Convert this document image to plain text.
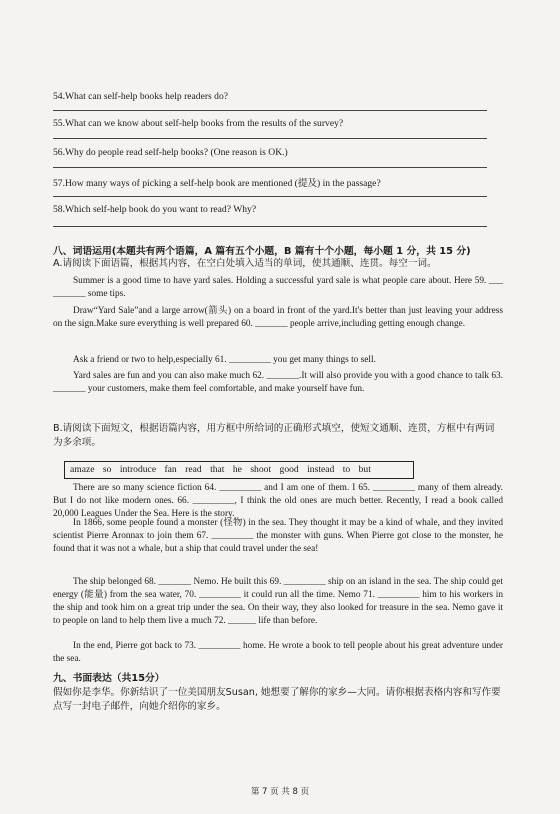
54.What can self-help books help readers do?
55.What can we know about self-help books from the results of the survey?
56.Why do people read self-help books? (One reason is OK.)
57.How many ways of picking a self-help book are mentioned (提及) in the passage?
58.Which self-help book do you want to read? Why?
八、词语运用(本题共有两个语篇，A 篇有五个小题，B 篇有十个小题，每小题 1 分，共 15 分)
A.请阅读下面语篇，根据其内容，在空白处填入适当的单词，使其通顺、连贯。每空一词。
Summer is a good time to have yard sales. Holding a successful yard sale is what people care about. Here 59. ___ _______ some tips.
Draw“Yard Sale”and a large arrow(箭头) on a board in front of the yard.It's better than just leaving your address on the sign.Make sure everything is well prepared 60. _______ people arrive,including getting enough change.
Ask a friend or two to help,especially 61. _________ you get many things to sell.
Yard sales are fun and you can also make much 62. _______.It will also provide you with a good chance to talk 63. _______ your customers, make them feel comfortable, and make yourself have fun.
B.请阅读下面短文，根据语篇内容，用方框中所给词的正确形式填空，使短文通顺、连贯，方框中有两词为多余项。
amaze so introduce fan read that he shoot good instead to but
There are so many science fiction 64. _________ and I am one of them. I 65. _________ many of them already. But I do not like modern ones. 66. _________, I think the old ones are much better. Recently, I read a book called 20,000 Leagues Under the Sea. Here is the story.
In 1866, some people found a monster (怪物) in the sea. They thought it may be a kind of whale, and they invited scientist Pierre Aronnax to join them 67. _________ the monster with guns. When Pierre got close to the monster, he found that it was not a whale, but a ship that could travel under the sea!
The ship belonged 68. _______ Nemo. He built this 69. _________ ship on an island in the sea. The ship could get energy (能量) from the sea water, 70. _________ it could run all the time. Nemo 71. _________ him to his workers in the ship and took him on a great trip under the sea. On their way, they also looked for treasure in the sea. Nemo gave it to people on land to help them live a much 72. ______ life than before.
In the end, Pierre got back to 73. _________ home. He wrote a book to tell people about his great adventure under the sea.
九、书面表达（共15分）
假如你是李华。你新结识了一位美国朋友Susan, 她想要了解你的家乡—大同。请你根据表格内容和写作要点写一封电子邮件，向她介绍你的家乡。
第 7 页 共 8 页
